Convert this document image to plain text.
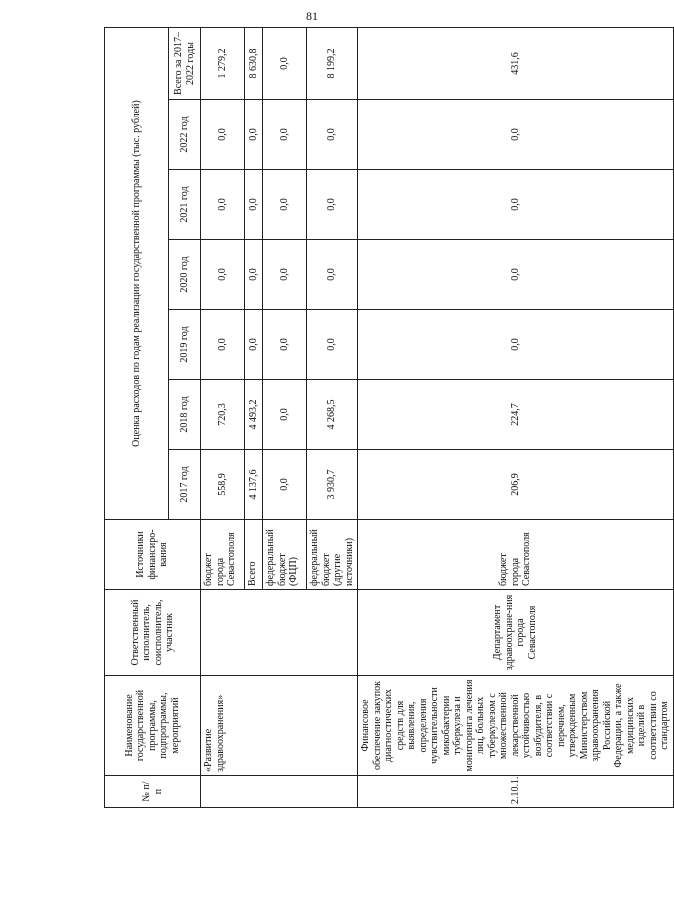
81
№ п/п	Наименование государственной программы, подпрограммы, мероприятий	Ответственный исполнитель, соисполнитель, участник	Источники финансиро-вания	Оценка расходов по годам реализации государственной программы (тыс. рублей)						
				2017 год	2018 год	2019 год	2020 год	2021 год	2022 год	Всего за 2017–2022 годы
	«Развитие здравоохранения»		бюджет города Севастополя	558,9	720,3	0,0	0,0	0,0	0,0	1 279,2
			Всего	4 137,6	4 493,2	0,0	0,0	0,0	0,0	8 630,8
			федеральный бюджет (ФЦП)	0,0	0,0	0,0	0,0	0,0	0,0	0,0
			федеральный бюджет (другие источники)	3 930,7	4 268,5	0,0	0,0	0,0	0,0	8 199,2
2.10.1.	Финансовое обеспечение закупок диагностических средств для выявления, определения чувствительности микобактерии туберкулеза и мониторинга лечения лиц, больных туберкулезом с множественной лекарственной устойчивостью возбудителя, в соответствии с перечнем, утвержденным Министерством здравоохранения Российской Федерации, а также медицинских изделий в соответствии со стандартом	Департамент здравоохране-ния города Севастополя	бюджет города Севастополя	206,9	224,7	0,0	0,0	0,0	0,0	431,6
